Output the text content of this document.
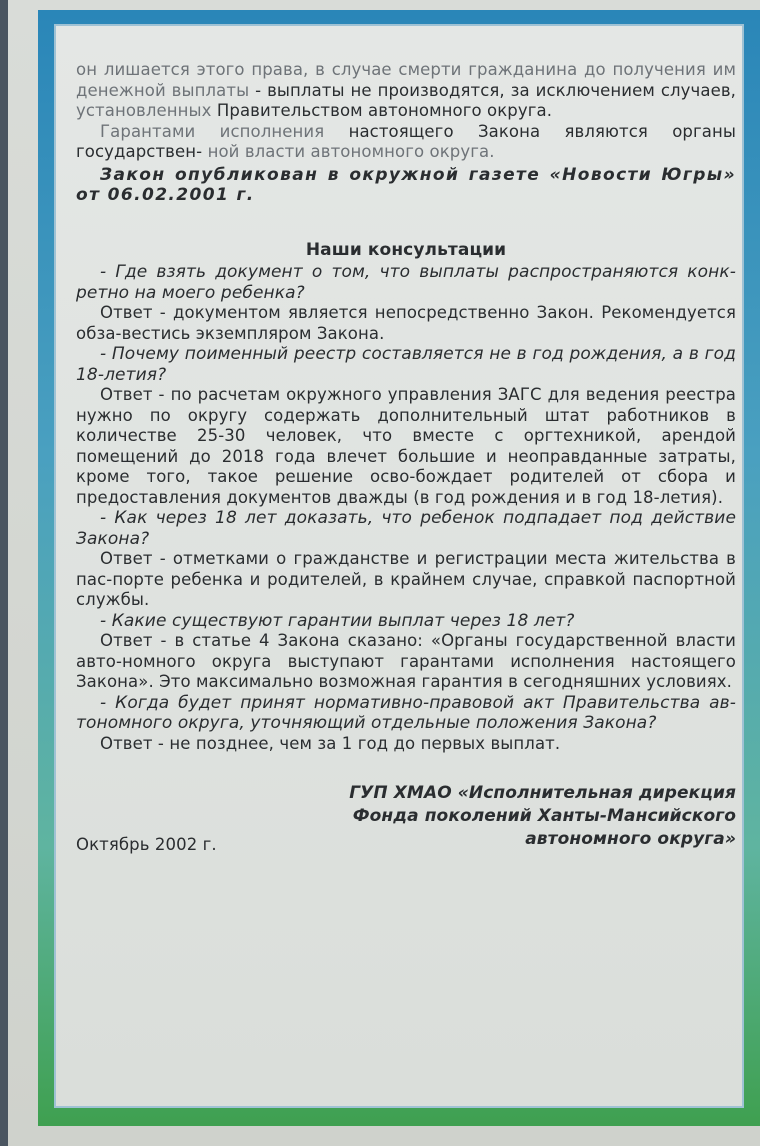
он лишается этого права, в случае смерти гражданина до получения им денежной выплаты - выплаты не производятся, за исключением случаев, установленных Правительством автономного округа.

Гарантами исполнения настоящего Закона являются органы государствен- ной власти автономного округа.

Закон опубликован в окружной газете «Новости Югры» от 06.02.2001 г.

Наши консультации

- Где взять документ о том, что выплаты распространяются конк-ретно на моего ребенка?

Ответ - документом является непосредственно Закон. Рекомендуется обза-вестись экземпляром Закона.

- Почему поименный реестр составляется не в год рождения, а в год 18-летия?

Ответ - по расчетам окружного управления ЗАГС для ведения реестра нужно по округу содержать дополнительный штат работников в количестве 25-30 человек, что вместе с оргтехникой, арендой помещений до 2018 года влечет большие и неоправданные затраты, кроме того, такое решение осво-бождает родителей от сбора и предоставления документов дважды (в год рождения и в год 18-летия).

- Как через 18 лет доказать, что ребенок подпадает под действие Закона?

Ответ - отметками о гражданстве и регистрации места жительства в пас-порте ребенка и родителей, в крайнем случае, справкой паспортной службы.

- Какие существуют гарантии выплат через 18 лет?

Ответ - в статье 4 Закона сказано: «Органы государственной власти авто-номного округа выступают гарантами исполнения настоящего Закона». Это максимально возможная гарантия в сегодняшних условиях.

- Когда будет принят нормативно-правовой акт Правительства ав-тономного округа, уточняющий отдельные положения Закона?

Ответ - не позднее, чем за 1 год до первых выплат.

ГУП ХМАО «Исполнительная дирекция
Фонда поколений Ханты-Мансийского
автономного округа»
Октябрь 2002 г.
